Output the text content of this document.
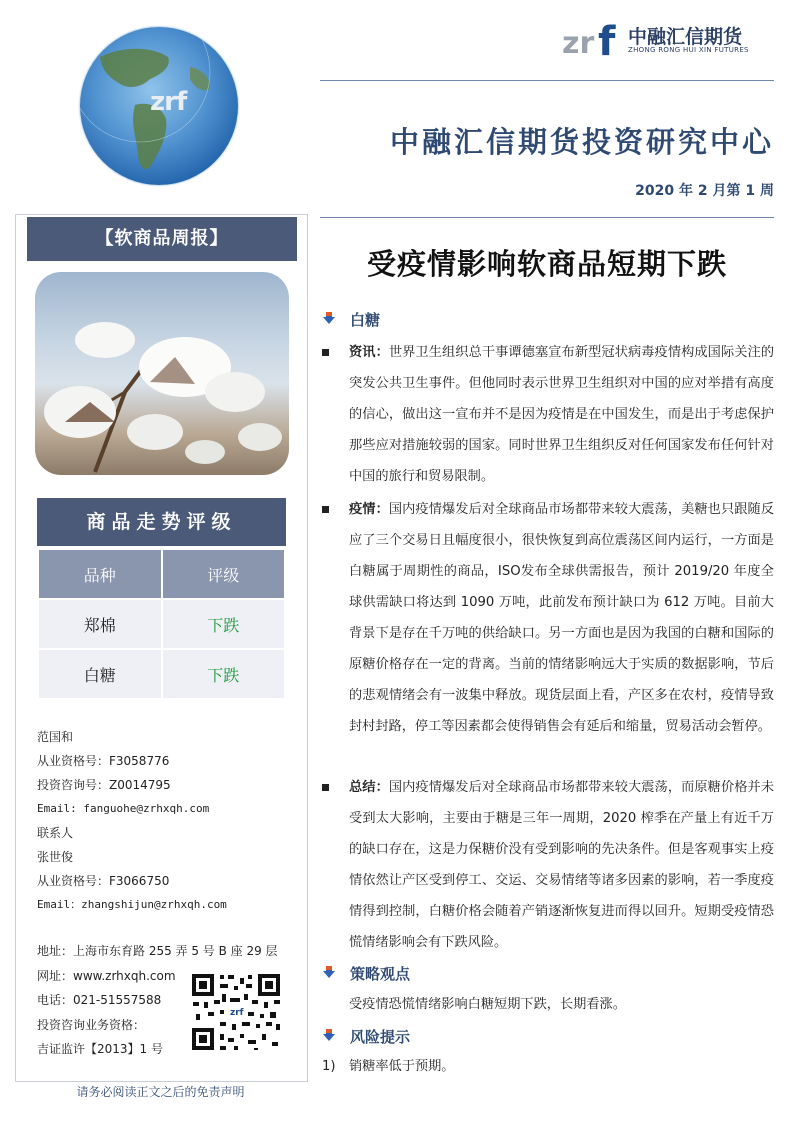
zrf
zr f 中融汇信期货
ZHONG RONG HUI XIN FUTURES
中融汇信期货投资研究中心
2020 年 2 月第 1 周
【软商品周报】
商品走势评级
品种	评级
郑棉	下跌
白糖	下跌
范国和
从业资格号：F3058776
投资咨询号：Z0014795
Email: fanguohe@zrhxqh.com
联系人
张世俊
从业资格号：F3066750
Email：zhangshijun@zrhxqh.com
地址：上海市东育路 255 弄 5 号 B 座 29 层
网址：www.zrhxqh.com
电话：021-51557588
投资咨询业务资格：
吉证监许【2013】1 号
zrf
请务必阅读正文之后的免责声明
受疫情影响软商品短期下跌
白糖
资讯：世界卫生组织总干事谭德塞宣布新型冠状病毒疫情构成国际关注的突发公共卫生事件。但他同时表示世界卫生组织对中国的应对举措有高度的信心，做出这一宣布并不是因为疫情是在中国发生，而是出于考虑保护那些应对措施较弱的国家。同时世界卫生组织反对任何国家发布任何针对中国的旅行和贸易限制。
疫情：国内疫情爆发后对全球商品市场都带来较大震荡，美糖也只跟随反应了三个交易日且幅度很小，很快恢复到高位震荡区间内运行，一方面是白糖属于周期性的商品，ISO发布全球供需报告，预计 2019/20 年度全球供需缺口将达到 1090 万吨，此前发布预计缺口为 612 万吨。目前大背景下是存在千万吨的供给缺口。另一方面也是因为我国的白糖和国际的原糖价格存在一定的背离。当前的情绪影响远大于实质的数据影响，节后的悲观情绪会有一波集中释放。现货层面上看，产区多在农村，疫情导致封村封路，停工等因素都会使得销售会有延后和缩量，贸易活动会暂停。
总结：国内疫情爆发后对全球商品市场都带来较大震荡，而原糖价格并未受到太大影响，主要由于糖是三年一周期，2020 榨季在产量上有近千万的缺口存在，这是力保糖价没有受到影响的先决条件。但是客观事实上疫情依然让产区受到停工、交运、交易情绪等诸多因素的影响，若一季度疫情得到控制，白糖价格会随着产销逐渐恢复进而得以回升。短期受疫情恐慌情绪影响会有下跌风险。
策略观点
受疫情恐慌情绪影响白糖短期下跌，长期看涨。
风险提示
1) 销糖率低于预期。
